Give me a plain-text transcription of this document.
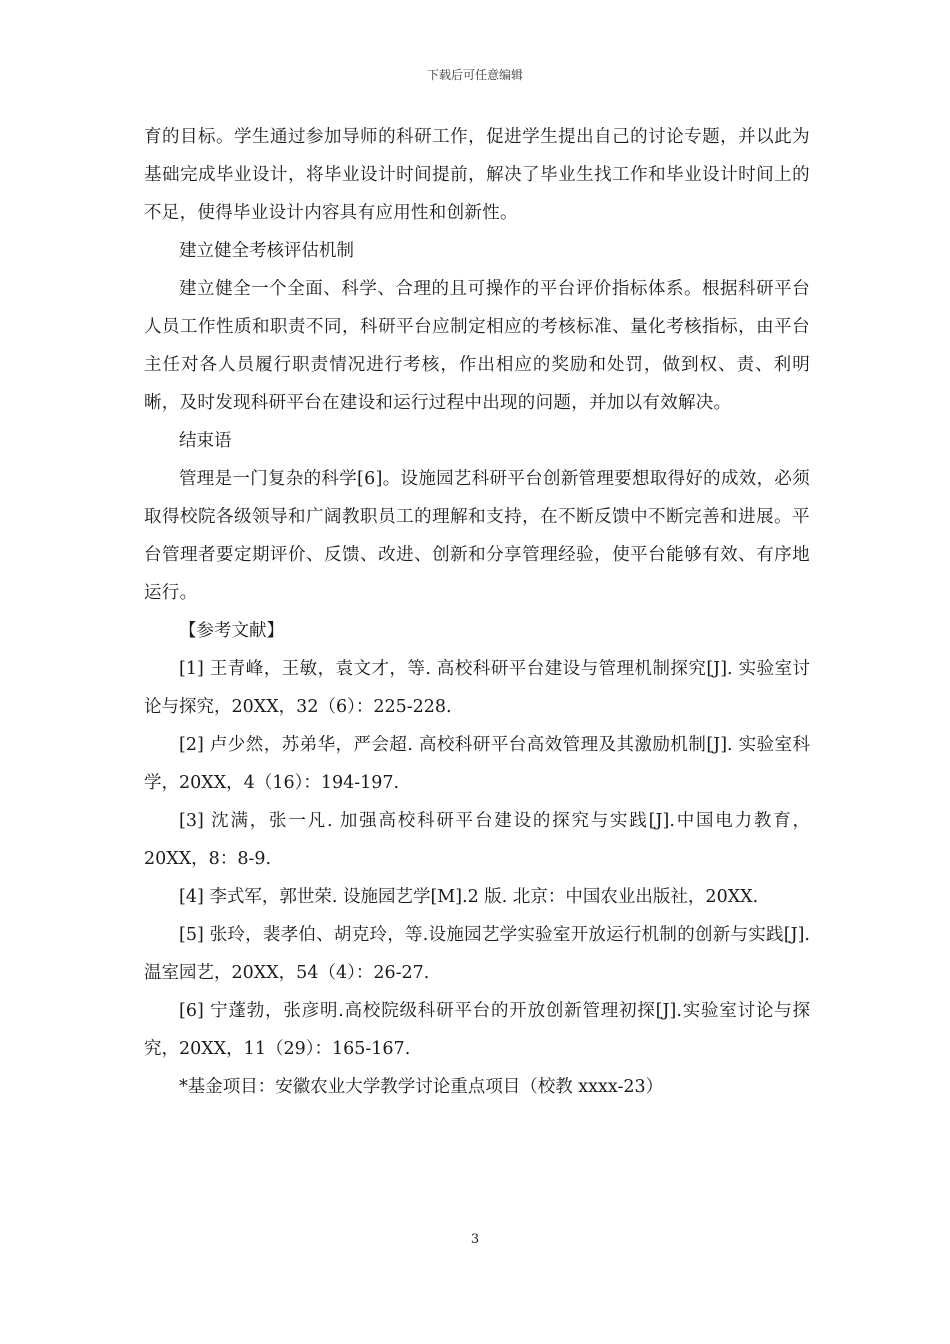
下载后可任意编辑

育的目标。学生通过参加导师的科研工作，促进学生提出自己的讨论专题，并以此为基础完成毕业设计，将毕业设计时间提前，解决了毕业生找工作和毕业设计时间上的不足，使得毕业设计内容具有应用性和创新性。

建立健全考核评估机制

建立健全一个全面、科学、合理的且可操作的平台评价指标体系。根据科研平台人员工作性质和职责不同，科研平台应制定相应的考核标准、量化考核指标，由平台主任对各人员履行职责情况进行考核，作出相应的奖励和处罚，做到权、责、利明晰，及时发现科研平台在建设和运行过程中出现的问题，并加以有效解决。

结束语

管理是一门复杂的科学[6]。设施园艺科研平台创新管理要想取得好的成效，必须取得校院各级领导和广阔教职员工的理解和支持，在不断反馈中不断完善和进展。平台管理者要定期评价、反馈、改进、创新和分享管理经验，使平台能够有效、有序地运行。

【参考文献】

[1] 王青峰，王敏，袁文才，等. 高校科研平台建设与管理机制探究[J]. 实验室讨论与探究，20XX，32（6）：225-228.

[2] 卢少然，苏弟华，严会超. 高校科研平台高效管理及其激励机制[J]. 实验室科学，20XX，4（16）：194-197.

[3] 沈满，张一凡. 加强高校科研平台建设的探究与实践[J].中国电力教育，20XX，8：8-9.

[4] 李式军，郭世荣. 设施园艺学[M].2 版. 北京：中国农业出版社，20XX.

[5] 张玲，裴孝伯、胡克玲，等.设施园艺学实验室开放运行机制的创新与实践[J].温室园艺，20XX，54（4）：26-27.

[6] 宁蓬勃，张彦明.高校院级科研平台的开放创新管理初探[J].实验室讨论与探究，20XX，11（29）：165-167.

*基金项目：安徽农业大学教学讨论重点项目（校教 xxxx-23）

3
